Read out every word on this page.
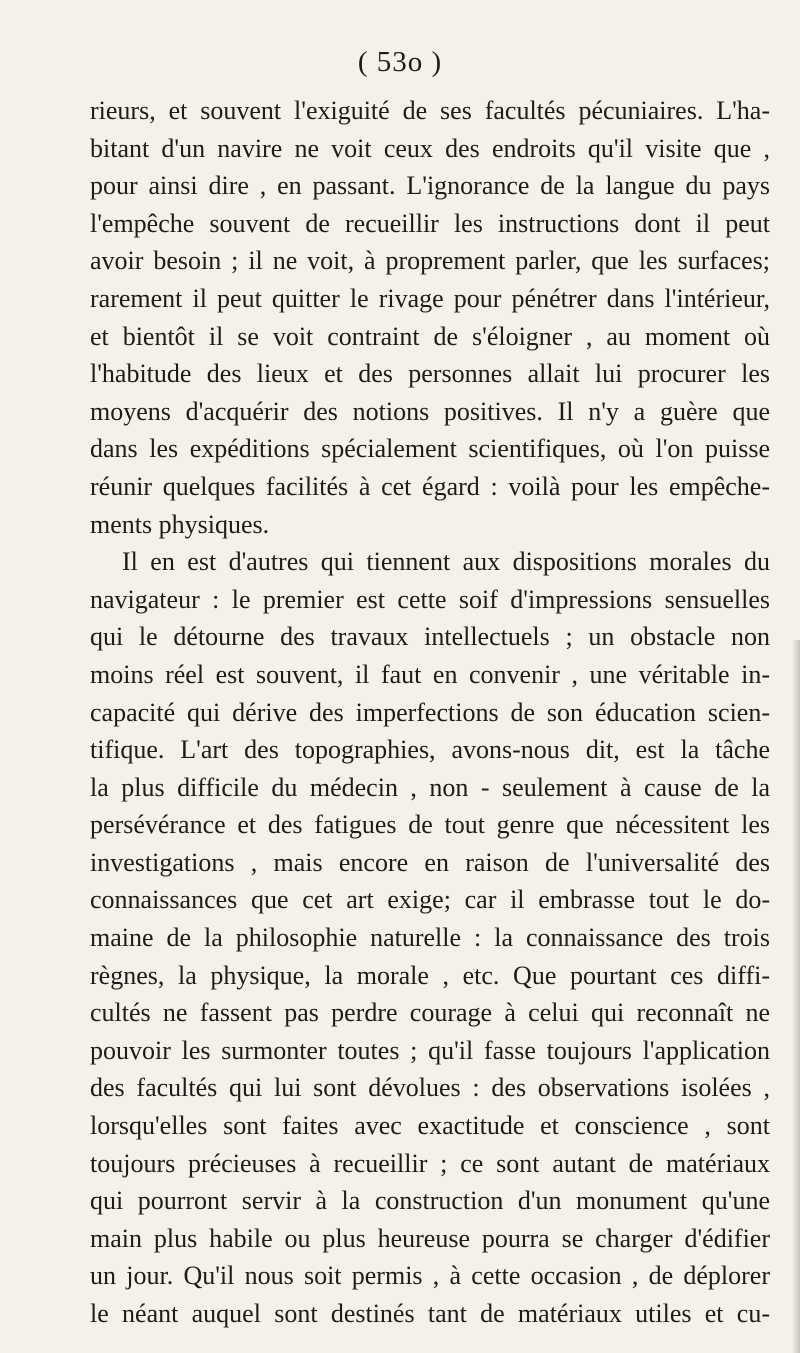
( 53o )
rieurs, et souvent l'exiguité de ses facultés pécuniaires. L'ha-
bitant d'un navire ne voit ceux des endroits qu'il visite que ,
pour ainsi dire , en passant. L'ignorance de la langue du pays
l'empêche souvent de recueillir les instructions dont il peut
avoir besoin ; il ne voit, à proprement parler, que les surfaces;
rarement il peut quitter le rivage pour pénétrer dans l'intérieur,
et bientôt il se voit contraint de s'éloigner , au moment où
l'habitude des lieux et des personnes allait lui procurer les
moyens d'acquérir des notions positives. Il n'y a guère que
dans les expéditions spécialement scientifiques, où l'on puisse
réunir quelques facilités à cet égard : voilà pour les empêche-
ments physiques.
Il en est d'autres qui tiennent aux dispositions morales du
navigateur : le premier est cette soif d'impressions sensuelles
qui le détourne des travaux intellectuels ; un obstacle non
moins réel est souvent, il faut en convenir , une véritable in-
capacité qui dérive des imperfections de son éducation scien-
tifique. L'art des topographies, avons-nous dit, est la tâche
la plus difficile du médecin , non - seulement à cause de la
persévérance et des fatigues de tout genre que nécessitent les
investigations , mais encore en raison de l'universalité des
connaissances que cet art exige; car il embrasse tout le do-
maine de la philosophie naturelle : la connaissance des trois
règnes, la physique, la morale , etc. Que pourtant ces diffi-
cultés ne fassent pas perdre courage à celui qui reconnaît ne
pouvoir les surmonter toutes ; qu'il fasse toujours l'application
des facultés qui lui sont dévolues : des observations isolées ,
lorsqu'elles sont faites avec exactitude et conscience , sont
toujours précieuses à recueillir ; ce sont autant de matériaux
qui pourront servir à la construction d'un monument qu'une
main plus habile ou plus heureuse pourra se charger d'édifier
un jour. Qu'il nous soit permis , à cette occasion , de déplorer
le néant auquel sont destinés tant de matériaux utiles et cu-
